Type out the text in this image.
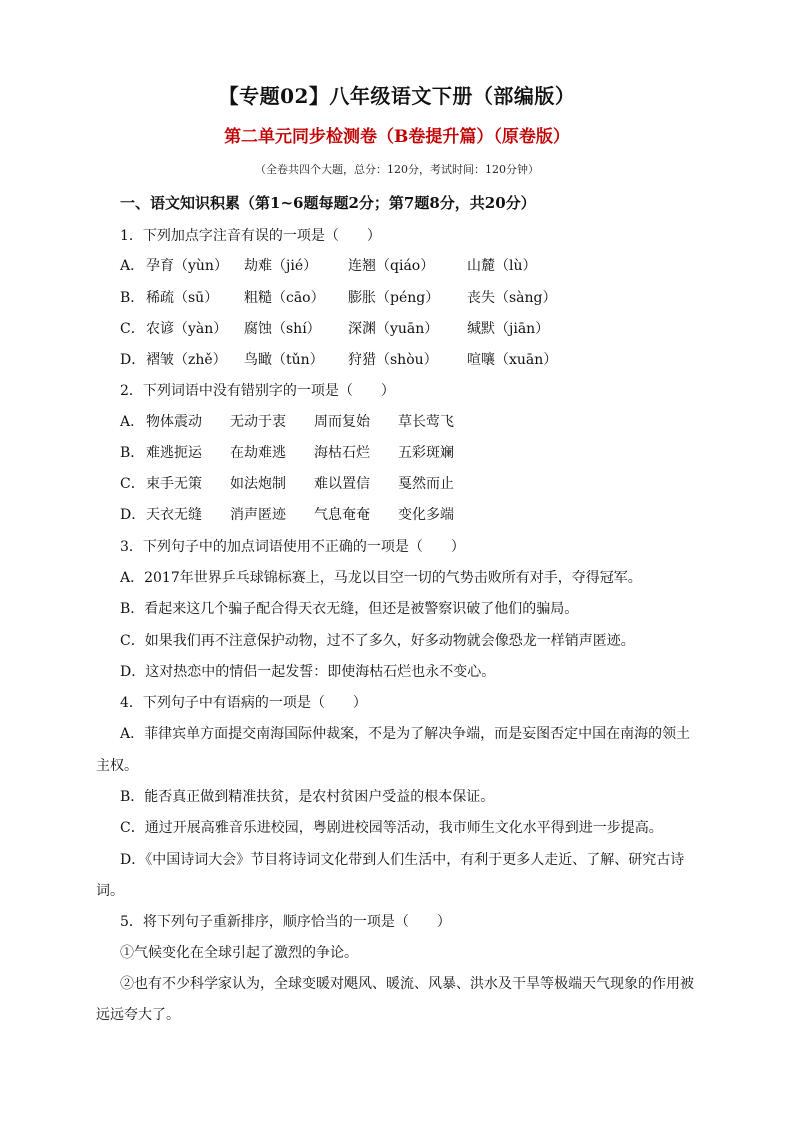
【专题02】八年级语文下册（部编版）
第二单元同步检测卷（B卷提升篇）（原卷版）
（全卷共四个大题，总分：120分，考试时间：120分钟）
一、语文知识积累（第1~6题每题2分；第7题8分，共20分）
1．下列加点字注音有误的一项是（　　）
A． 孕育（yùn） 劫难（jié） 连翘（qiáo） 山麓（lù）
B． 稀疏（sū） 粗糙（cāo） 膨胀（péng） 丧失（sàng）
C． 农谚（yàn） 腐蚀（shí） 深渊（yuān） 缄默（jiān）
D． 褶皱（zhě） 鸟瞰（tǔn） 狩猎（shòu） 喧嚷（xuān）
2．下列词语中没有错别字的一项是（　　）
A． 物体震动 无动于衷 周而复始 草长莺飞
B． 难逃扼运 在劫难逃 海枯石烂 五彩斑斓
C． 束手无策 如法炮制 难以置信 戛然而止
D． 天衣无缝 消声匿迹 气息奄奄 变化多端
3．下列句子中的加点词语使用不正确的一项是（　　）
A．2017年世界乒乓球锦标赛上，马龙以目空一切的气势击败所有对手，夺得冠军。
B．看起来这几个骗子配合得天衣无缝，但还是被警察识破了他们的骗局。
C．如果我们再不注意保护动物，过不了多久，好多动物就会像恐龙一样销声匿迹。
D．这对热恋中的情侣一起发誓：即使海枯石烂也永不变心。
4．下列句子中有语病的一项是（　　）
A．菲律宾单方面提交南海国际仲裁案，不是为了解决争端，而是妄图否定中国在南海的领土
主权。
B．能否真正做到精准扶贫，是农村贫困户受益的根本保证。
C．通过开展高雅音乐进校园，粤剧进校园等活动，我市师生文化水平得到进一步提高。
D．《中国诗词大会》节目将诗词文化带到人们生活中，有利于更多人走近、了解、研究古诗
词。
5．将下列句子重新排序，顺序恰当的一项是（　　）
①气候变化在全球引起了激烈的争论。
②也有不少科学家认为，全球变暖对飓风、暖流、风暴、洪水及干旱等极端天气现象的作用被
远远夸大了。
